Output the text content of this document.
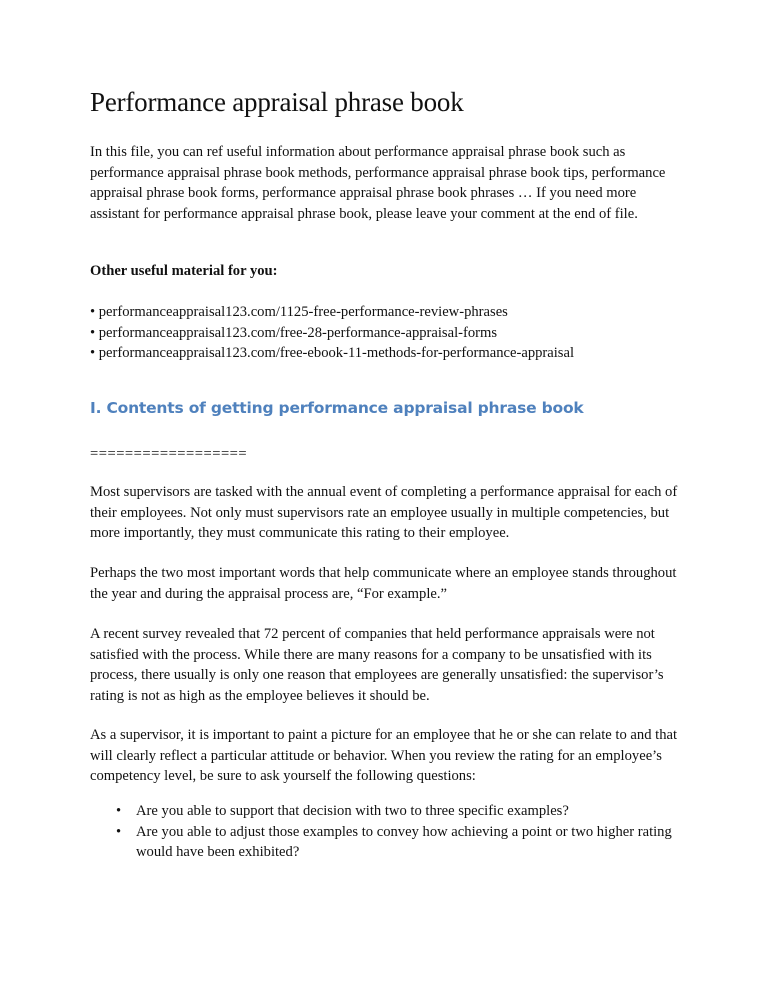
Performance appraisal phrase book

In this file, you can ref useful information about performance appraisal phrase book such as performance appraisal phrase book methods, performance appraisal phrase book tips, performance appraisal phrase book forms, performance appraisal phrase book phrases … If you need more assistant for performance appraisal phrase book, please leave your comment at the end of file.

Other useful material for you:

• performanceappraisal123.com/1125-free-performance-review-phrases
• performanceappraisal123.com/free-28-performance-appraisal-forms
• performanceappraisal123.com/free-ebook-11-methods-for-performance-appraisal
I. Contents of getting performance appraisal phrase book

==================

Most supervisors are tasked with the annual event of completing a performance appraisal for each of their employees. Not only must supervisors rate an employee usually in multiple competencies, but more importantly, they must communicate this rating to their employee.

Perhaps the two most important words that help communicate where an employee stands throughout the year and during the appraisal process are, “For example.”

A recent survey revealed that 72 percent of companies that held performance appraisals were not satisfied with the process. While there are many reasons for a company to be unsatisfied with its process, there usually is only one reason that employees are generally unsatisfied: the supervisor’s rating is not as high as the employee believes it should be.

As a supervisor, it is important to paint a picture for an employee that he or she can relate to and that will clearly reflect a particular attitude or behavior. When you review the rating for an employee’s competency level, be sure to ask yourself the following questions:

• Are you able to support that decision with two to three specific examples?
• Are you able to adjust those examples to convey how achieving a point or two higher rating would have been exhibited?
